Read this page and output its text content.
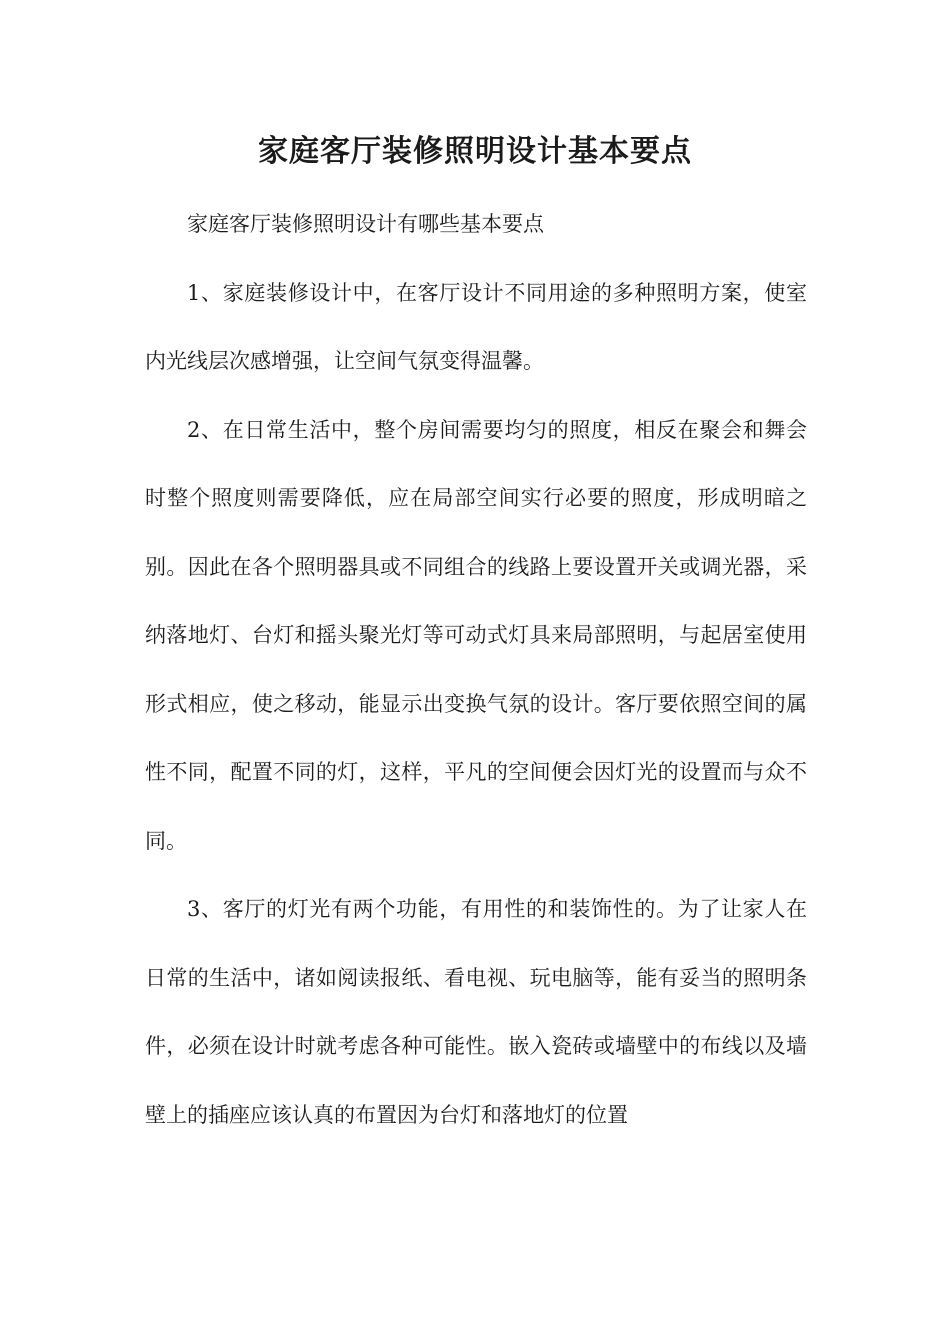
家庭客厅装修照明设计基本要点

家庭客厅装修照明设计有哪些基本要点

1、家庭装修设计中，在客厅设计不同用途的多种照明方案，使室内光线层次感增强，让空间气氛变得温馨。

2、在日常生活中，整个房间需要均匀的照度，相反在聚会和舞会时整个照度则需要降低，应在局部空间实行必要的照度，形成明暗之别。因此在各个照明器具或不同组合的线路上要设置开关或调光器，采纳落地灯、台灯和摇头聚光灯等可动式灯具来局部照明，与起居室使用形式相应，使之移动，能显示出变换气氛的设计。客厅要依照空间的属性不同，配置不同的灯，这样，平凡的空间便会因灯光的设置而与众不同。

3、客厅的灯光有两个功能，有用性的和装饰性的。为了让家人在日常的生活中，诸如阅读报纸、看电视、玩电脑等，能有妥当的照明条件，必须在设计时就考虑各种可能性。嵌入瓷砖或墙壁中的布线以及墙壁上的插座应该认真的布置因为台灯和落地灯的位置
